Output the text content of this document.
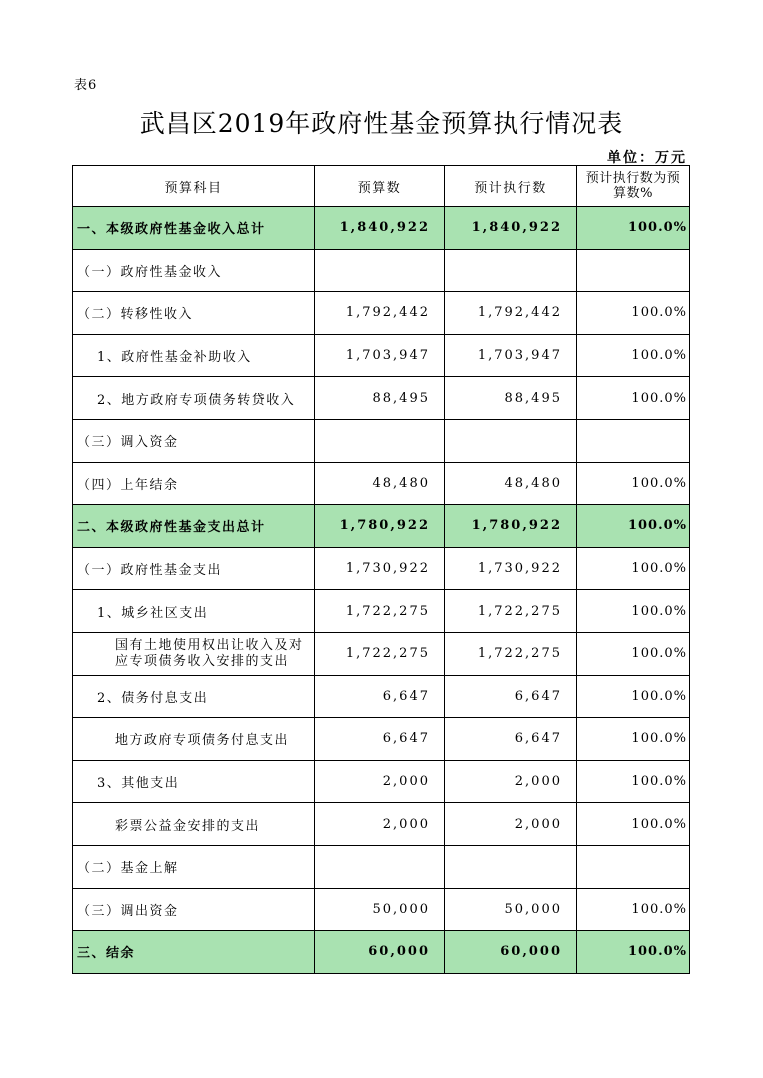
表6
武昌区2019年政府性基金预算执行情况表
单位：万元
预算科目	预算数	预计执行数	预计执行数为预算数%
一、本级政府性基金收入总计	1,840,922	1,840,922	100.0%
（一）政府性基金收入			
（二）转移性收入	1,792,442	1,792,442	100.0%
1、政府性基金补助收入	1,703,947	1,703,947	100.0%
2、地方政府专项债务转贷收入	88,495	88,495	100.0%
（三）调入资金			
（四）上年结余	48,480	48,480	100.0%
二、本级政府性基金支出总计	1,780,922	1,780,922	100.0%
（一）政府性基金支出	1,730,922	1,730,922	100.0%
1、城乡社区支出	1,722,275	1,722,275	100.0%
国有土地使用权出让收入及对应专项债务收入安排的支出	1,722,275	1,722,275	100.0%
2、债务付息支出	6,647	6,647	100.0%
地方政府专项债务付息支出	6,647	6,647	100.0%
3、其他支出	2,000	2,000	100.0%
彩票公益金安排的支出	2,000	2,000	100.0%
（二）基金上解			
（三）调出资金	50,000	50,000	100.0%
三、结余	60,000	60,000	100.0%
